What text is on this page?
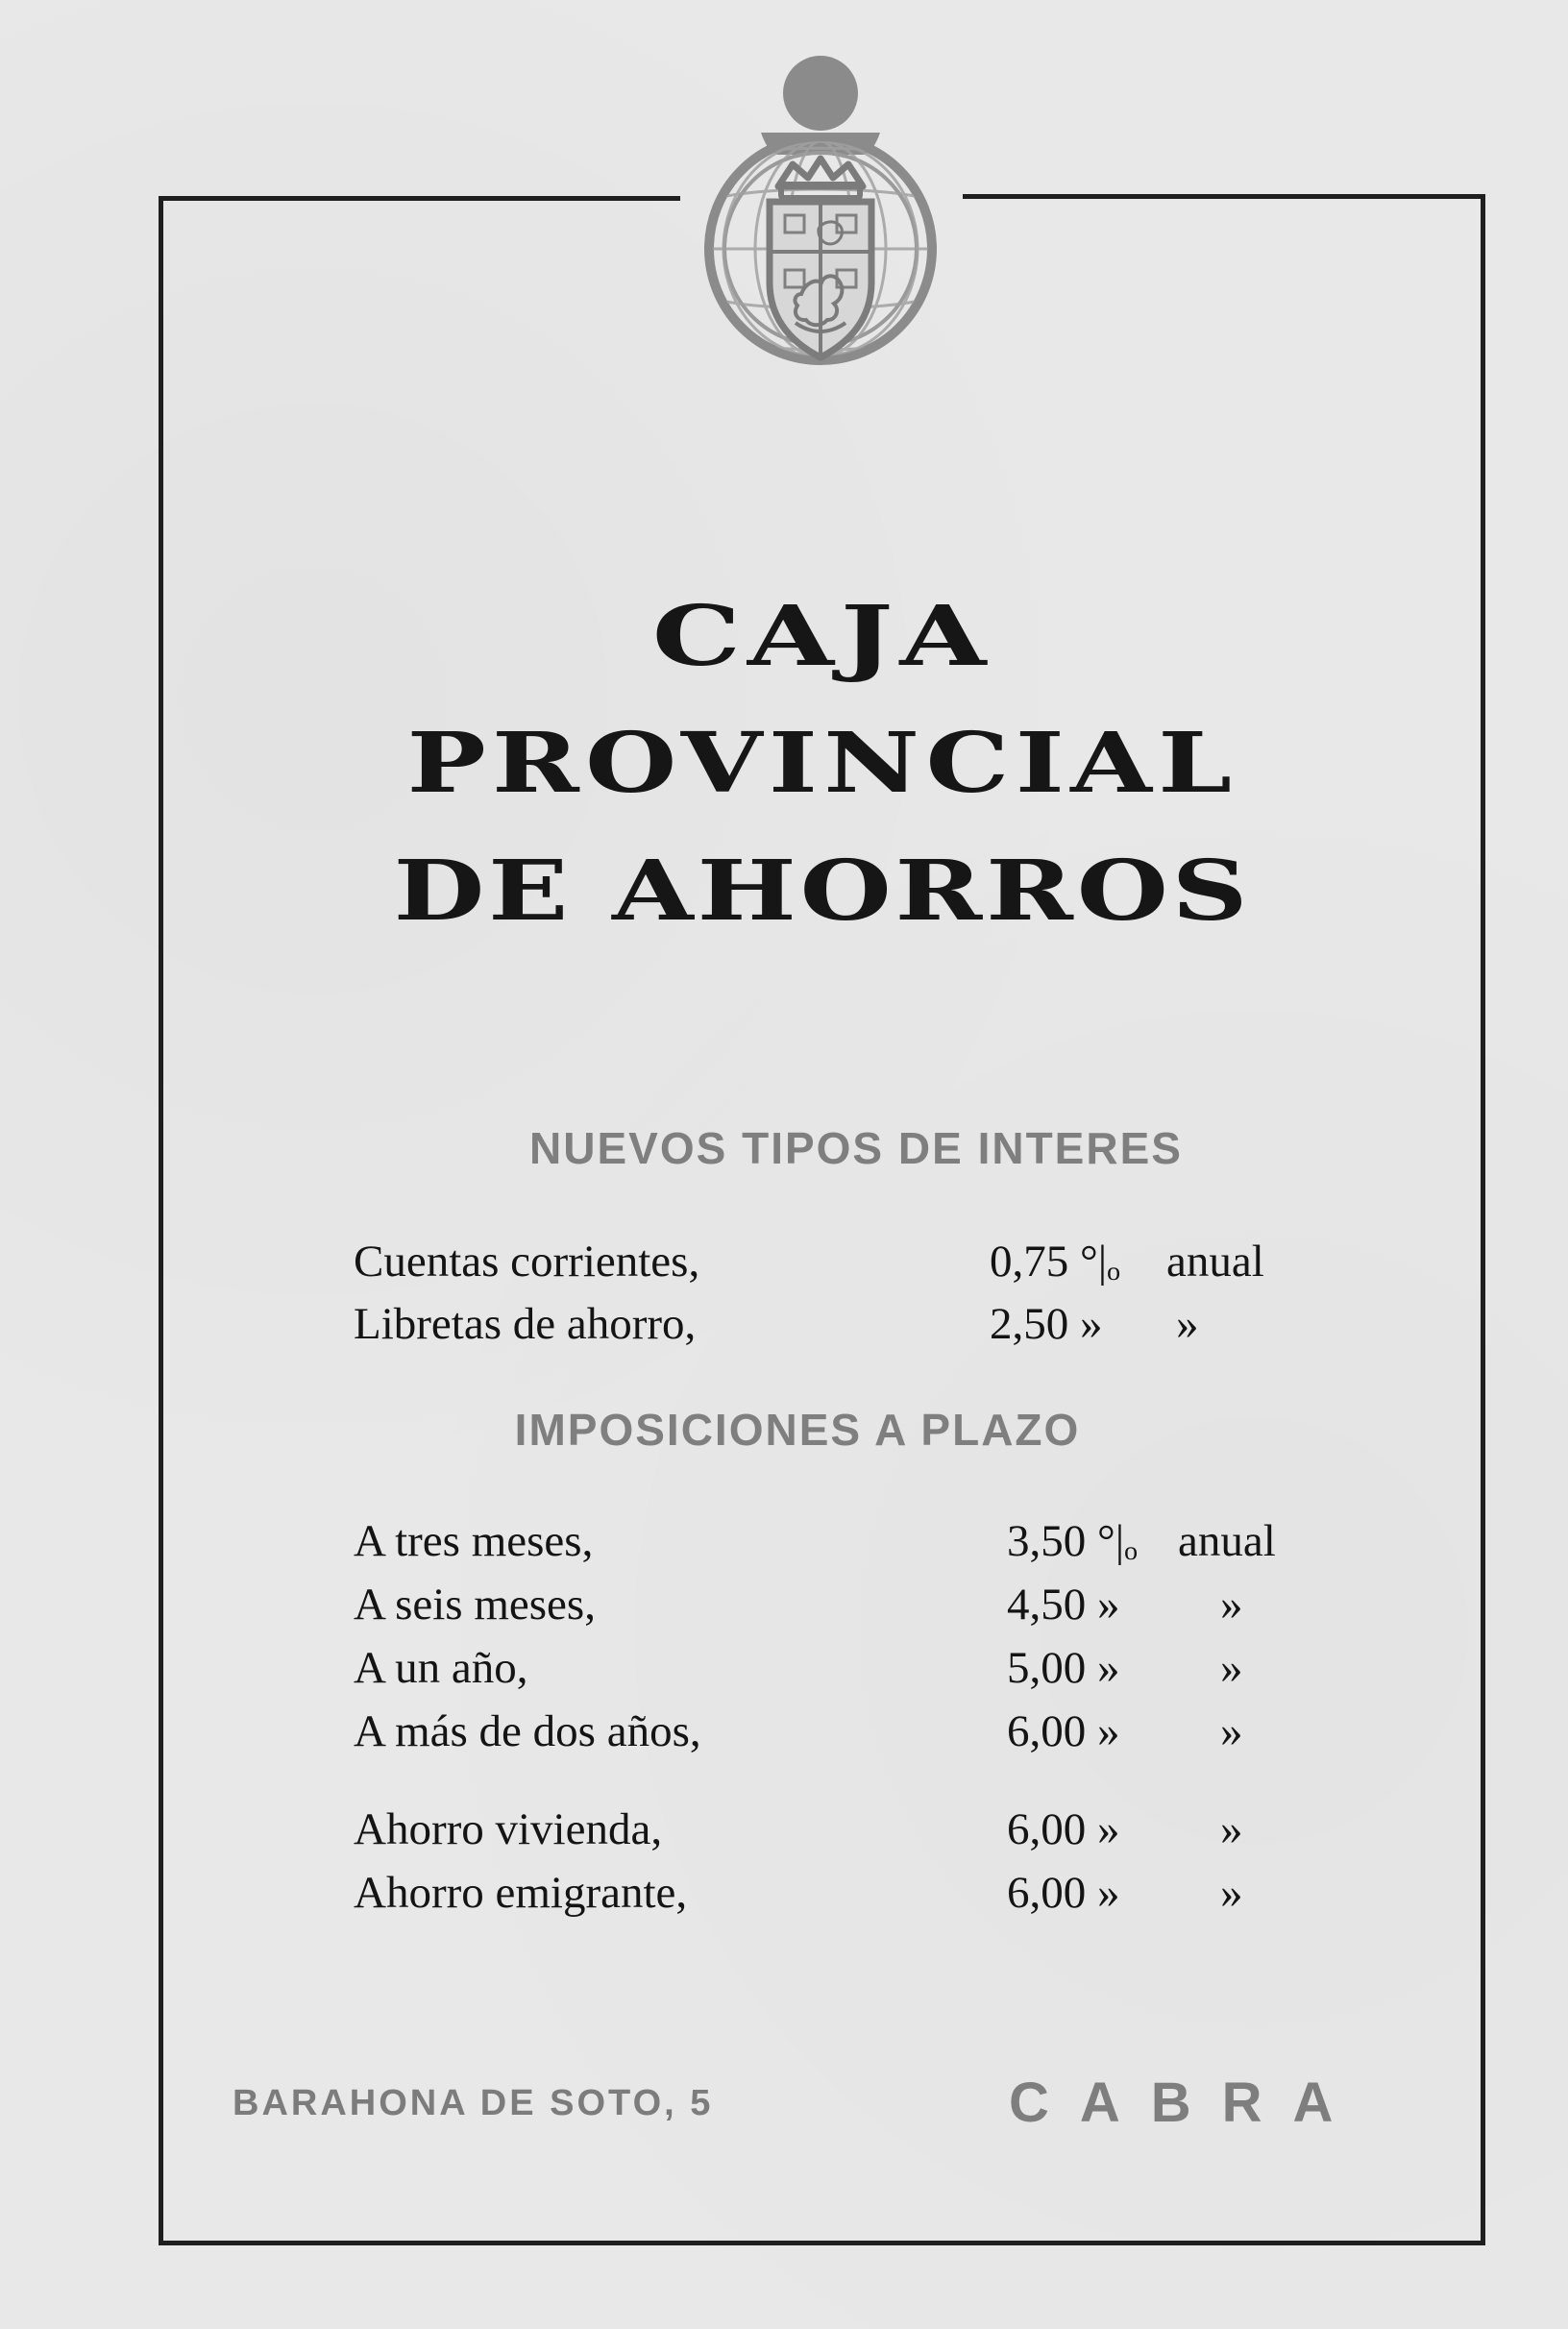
CAJA
PROVINCIAL
DE AHORROS
NUEVOS TIPOS DE INTERES
Cuentas corrientes,	0,75 °|ₒ anual
Libretas de ahorro,	2,50 » »
IMPOSICIONES A PLAZO
A tres meses,	3,50 °|ₒ anual
A seis meses,	4,50 » »
A un año,	5,00 » »
A más de dos años,	6,00 » »
Ahorro vivienda,	6,00 » »
Ahorro emigrante,	6,00 » »
BARAHONA DE SOTO, 5	CABRA
